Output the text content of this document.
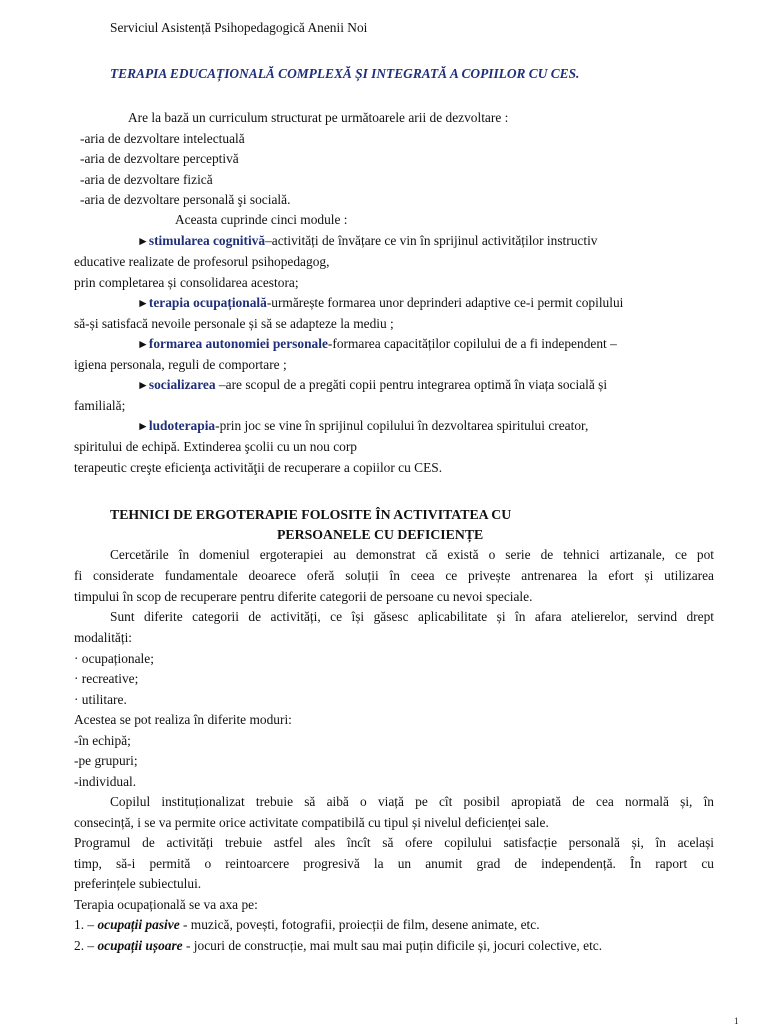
Serviciul Asistență Psihopedagogică Anenii Noi
TERAPIA EDUCAȚIONALĂ COMPLEXĂ ȘI INTEGRATĂ A COPIILOR CU CES.
Are la bază un curriculum structurat pe următoarele arii de dezvoltare :
-aria de dezvoltare intelectuală
-aria de dezvoltare perceptivă
-aria de dezvoltare fizică
-aria de dezvoltare personală şi socială.
Aceasta cuprinde cinci module :
►stimularea cognitivă–activități de învățare ce vin în sprijinul activităților instructiv
educative realizate de profesorul psihopedagog,
prin completarea și consolidarea acestora;
►terapia ocupațională-urmărește formarea unor deprinderi adaptive ce-i permit copilului
să-și satisfacă nevoile personale și să se adapteze la mediu ;
►formarea autonomiei personale-formarea capacităților copilului de a fi independent –
igiena personala, reguli de comportare ;
►socializarea –are scopul de a pregăti copii pentru integrarea optimă în viața socială și
familială;
►ludoterapia-prin joc se vine în sprijinul copilului în dezvoltarea spiritului creator,
spiritului de echipă. Extinderea şcolii cu un nou corp
terapeutic creşte eficienţa activităţii de recuperare a copiilor cu CES.
TEHNICI DE ERGOTERAPIE FOLOSITE ÎN ACTIVITATEA CU
PERSOANELE CU DEFICIENȚE
Cercetările în domeniul ergoterapiei au demonstrat că există o serie de tehnici artizanale, ce pot
fi considerate fundamentale deoarece oferă soluții în ceea ce privește antrenarea la efort și utilizarea
timpului în scop de recuperare pentru diferite categorii de persoane cu nevoi speciale.
Sunt diferite categorii de activități, ce își găsesc aplicabilitate și în afara atelierelor, servind drept
modalități:
· ocupaționale;
· recreative;
· utilitare.
Acestea se pot realiza în diferite moduri:
-în echipă;
-pe grupuri;
-individual.
Copilul instituționalizat trebuie să aibă o viață pe cît posibil apropiată de cea normală și, în
consecință, i se va permite orice activitate compatibilă cu tipul și nivelul deficienței sale.
Programul de activități trebuie astfel ales încît să ofere copilului satisfacție personală și, în același
timp, să-i permită o reintoarcere progresivă la un anumit grad de independență. În raport cu
preferințele subiectului.
Terapia ocupațională se va axa pe:
1. – ocupații pasive - muzică, povești, fotografii, proiecții de film, desene animate, etc.
2. – ocupații ușoare - jocuri de construcție, mai mult sau mai puțin dificile și, jocuri colective, etc.
1
